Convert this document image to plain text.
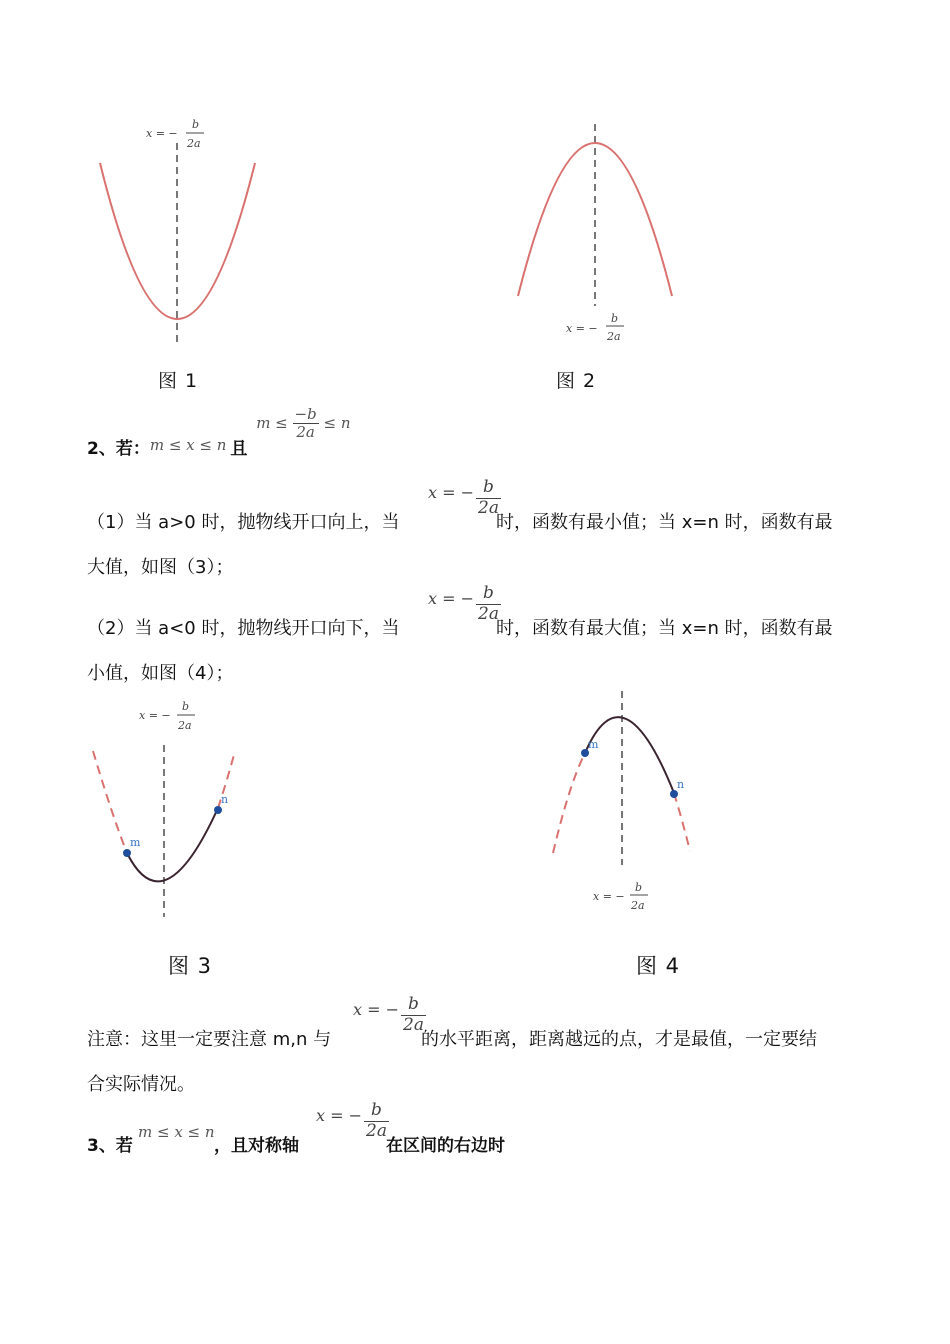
x = −
b
2a
图 1
x = −
b
2a
图 2
2、若：m ≤ x ≤ n 且 $m \le \frac{-b}{2a} \le n$
（1）当 a>0 时，抛物线开口向上，当
x = − $\frac{b}{2a}$
时，函数有最小值；当 x=n 时，函数有最
大值，如图（3）；
（2）当 a<0 时，抛物线开口向下，当
x = − $\frac{b}{2a}$
时，函数有最大值；当 x=n 时，函数有最
小值，如图（4）；
m
n
x = −
b
2a
图 3
m
n
x = −
b
2a
图 4
注意：这里一定要注意 m,n 与
x = − $\frac{b}{2a}$
的水平距离，距离越远的点，才是最值，一定要结
合实际情况。
3、若
m ≤ x ≤ n
，且对称轴
x = − $\frac{b}{2a}$
在区间的右边时
